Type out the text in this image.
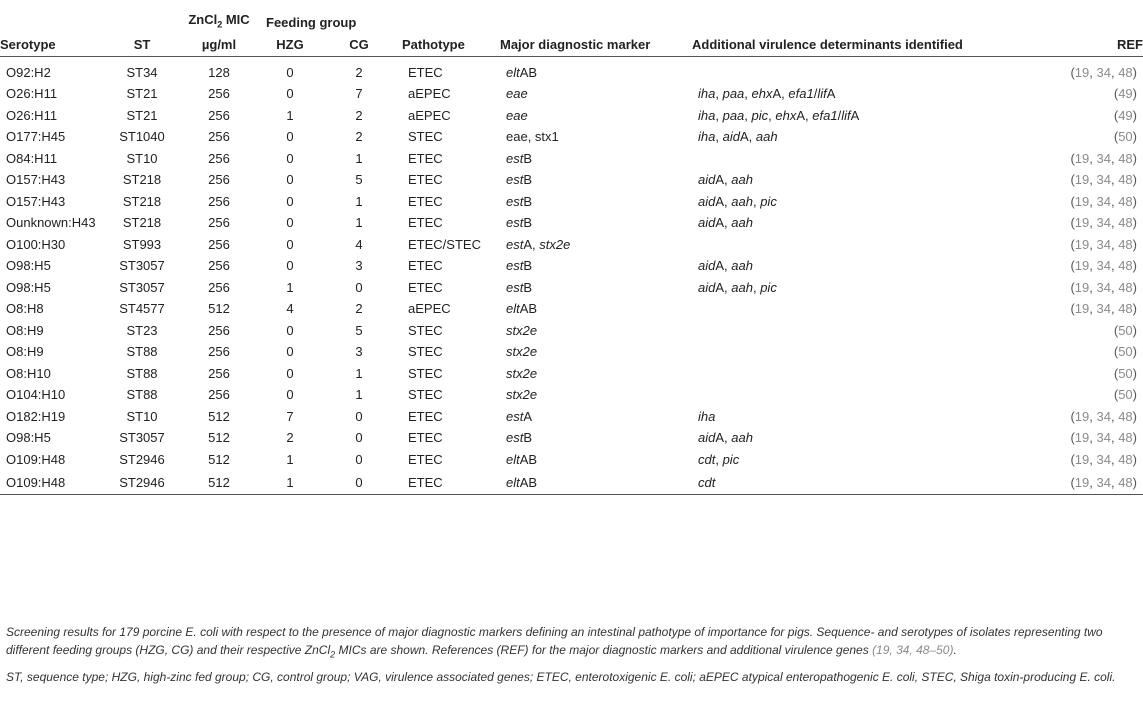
		ZnCl$_2$ MIC	Feeding group					
Serotype	ST	µg/ml	HZG	CG	Pathotype	Major diagnostic marker	Additional virulence determinants identified	REF
O92:H2	ST34	128	0	2	ETEC	eltAB		(19, 34, 48)
O26:H11	ST21	256	0	7	aEPEC	eae	iha, paa, ehxA, efa1/lifA	(49)
O26:H11	ST21	256	1	2	aEPEC	eae	iha, paa, pic, ehxA, efa1/lifA	(49)
O177:H45	ST1040	256	0	2	STEC	eae, stx1	iha, aidA, aah	(50)
O84:H11	ST10	256	0	1	ETEC	estB		(19, 34, 48)
O157:H43	ST218	256	0	5	ETEC	estB	aidA, aah	(19, 34, 48)
O157:H43	ST218	256	0	1	ETEC	estB	aidA, aah, pic	(19, 34, 48)
Ounknown:H43	ST218	256	0	1	ETEC	estB	aidA, aah	(19, 34, 48)
O100:H30	ST993	256	0	4	ETEC/STEC	estA, stx2e		(19, 34, 48)
O98:H5	ST3057	256	0	3	ETEC	estB	aidA, aah	(19, 34, 48)
O98:H5	ST3057	256	1	0	ETEC	estB	aidA, aah, pic	(19, 34, 48)
O8:H8	ST4577	512	4	2	aEPEC	eltAB		(19, 34, 48)
O8:H9	ST23	256	0	5	STEC	stx2e		(50)
O8:H9	ST88	256	0	3	STEC	stx2e		(50)
O8:H10	ST88	256	0	1	STEC	stx2e		(50)
O104:H10	ST88	256	0	1	STEC	stx2e		(50)
O182:H19	ST10	512	7	0	ETEC	estA	iha	(19, 34, 48)
O98:H5	ST3057	512	2	0	ETEC	estB	aidA, aah	(19, 34, 48)
O109:H48	ST2946	512	1	0	ETEC	eltAB	cdt, pic	(19, 34, 48)
O109:H48	ST2946	512	1	0	ETEC	eltAB	cdt	(19, 34, 48)

Screening results for 179 porcine E. coli with respect to the presence of major diagnostic markers defining an intestinal pathotype of importance for pigs. Sequence- and serotypes of isolates representing two different feeding groups (HZG, CG) and their respective ZnCl$_2$ MICs are shown. References (REF) for the major diagnostic markers and additional virulence genes (19, 34, 48–50).

ST, sequence type; HZG, high-zinc fed group; CG, control group; VAG, virulence associated genes; ETEC, enterotoxigenic E. coli; aEPEC atypical enteropathogenic E. coli, STEC, Shiga toxin-producing E. coli.
